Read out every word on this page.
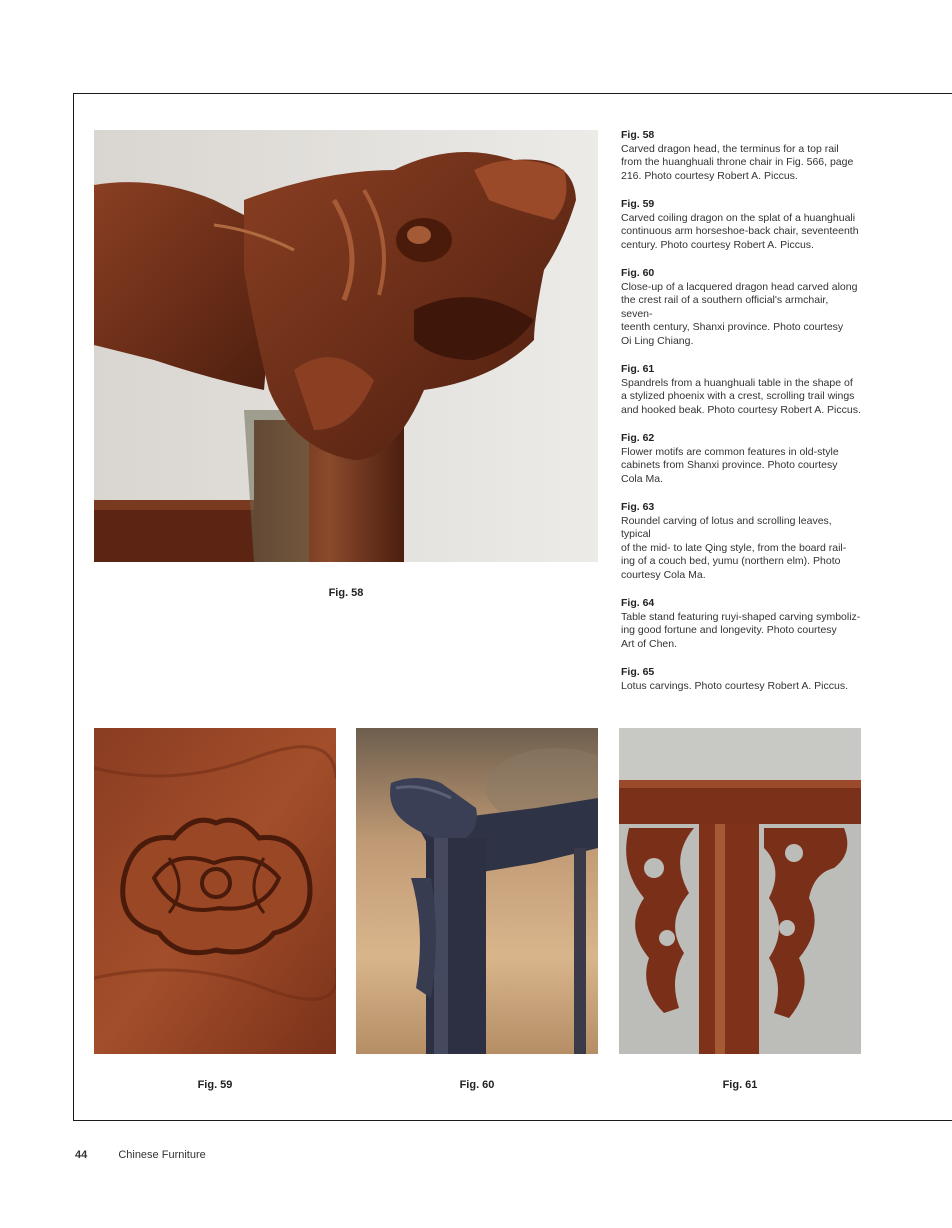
Fig. 58
Fig. 59	Fig. 60	Fig. 61
Fig. 58
Carved dragon head, the terminus for a top rail
from the huanghuali throne chair in Fig. 566, page
216. Photo courtesy Robert A. Piccus.
Fig. 59
Carved coiling dragon on the splat of a huanghuali
continuous arm horseshoe-back chair, seventeenth
century. Photo courtesy Robert A. Piccus.
Fig. 60
Close-up of a lacquered dragon head carved along
the crest rail of a southern official's armchair, seven-
teenth century, Shanxi province. Photo courtesy
Oi Ling Chiang.
Fig. 61
Spandrels from a huanghuali table in the shape of
a stylized phoenix with a crest, scrolling trail wings
and hooked beak. Photo courtesy Robert A. Piccus.
Fig. 62
Flower motifs are common features in old-style
cabinets from Shanxi province. Photo courtesy
Cola Ma.
Fig. 63
Roundel carving of lotus and scrolling leaves, typical
of the mid- to late Qing style, from the board rail-
ing of a couch bed, yumu (northern elm). Photo
courtesy Cola Ma.
Fig. 64
Table stand featuring ruyi-shaped carving symboliz-
ing good fortune and longevity. Photo courtesy
Art of Chen.
Fig. 65
Lotus carvings. Photo courtesy Robert A. Piccus.
44	Chinese Furniture
